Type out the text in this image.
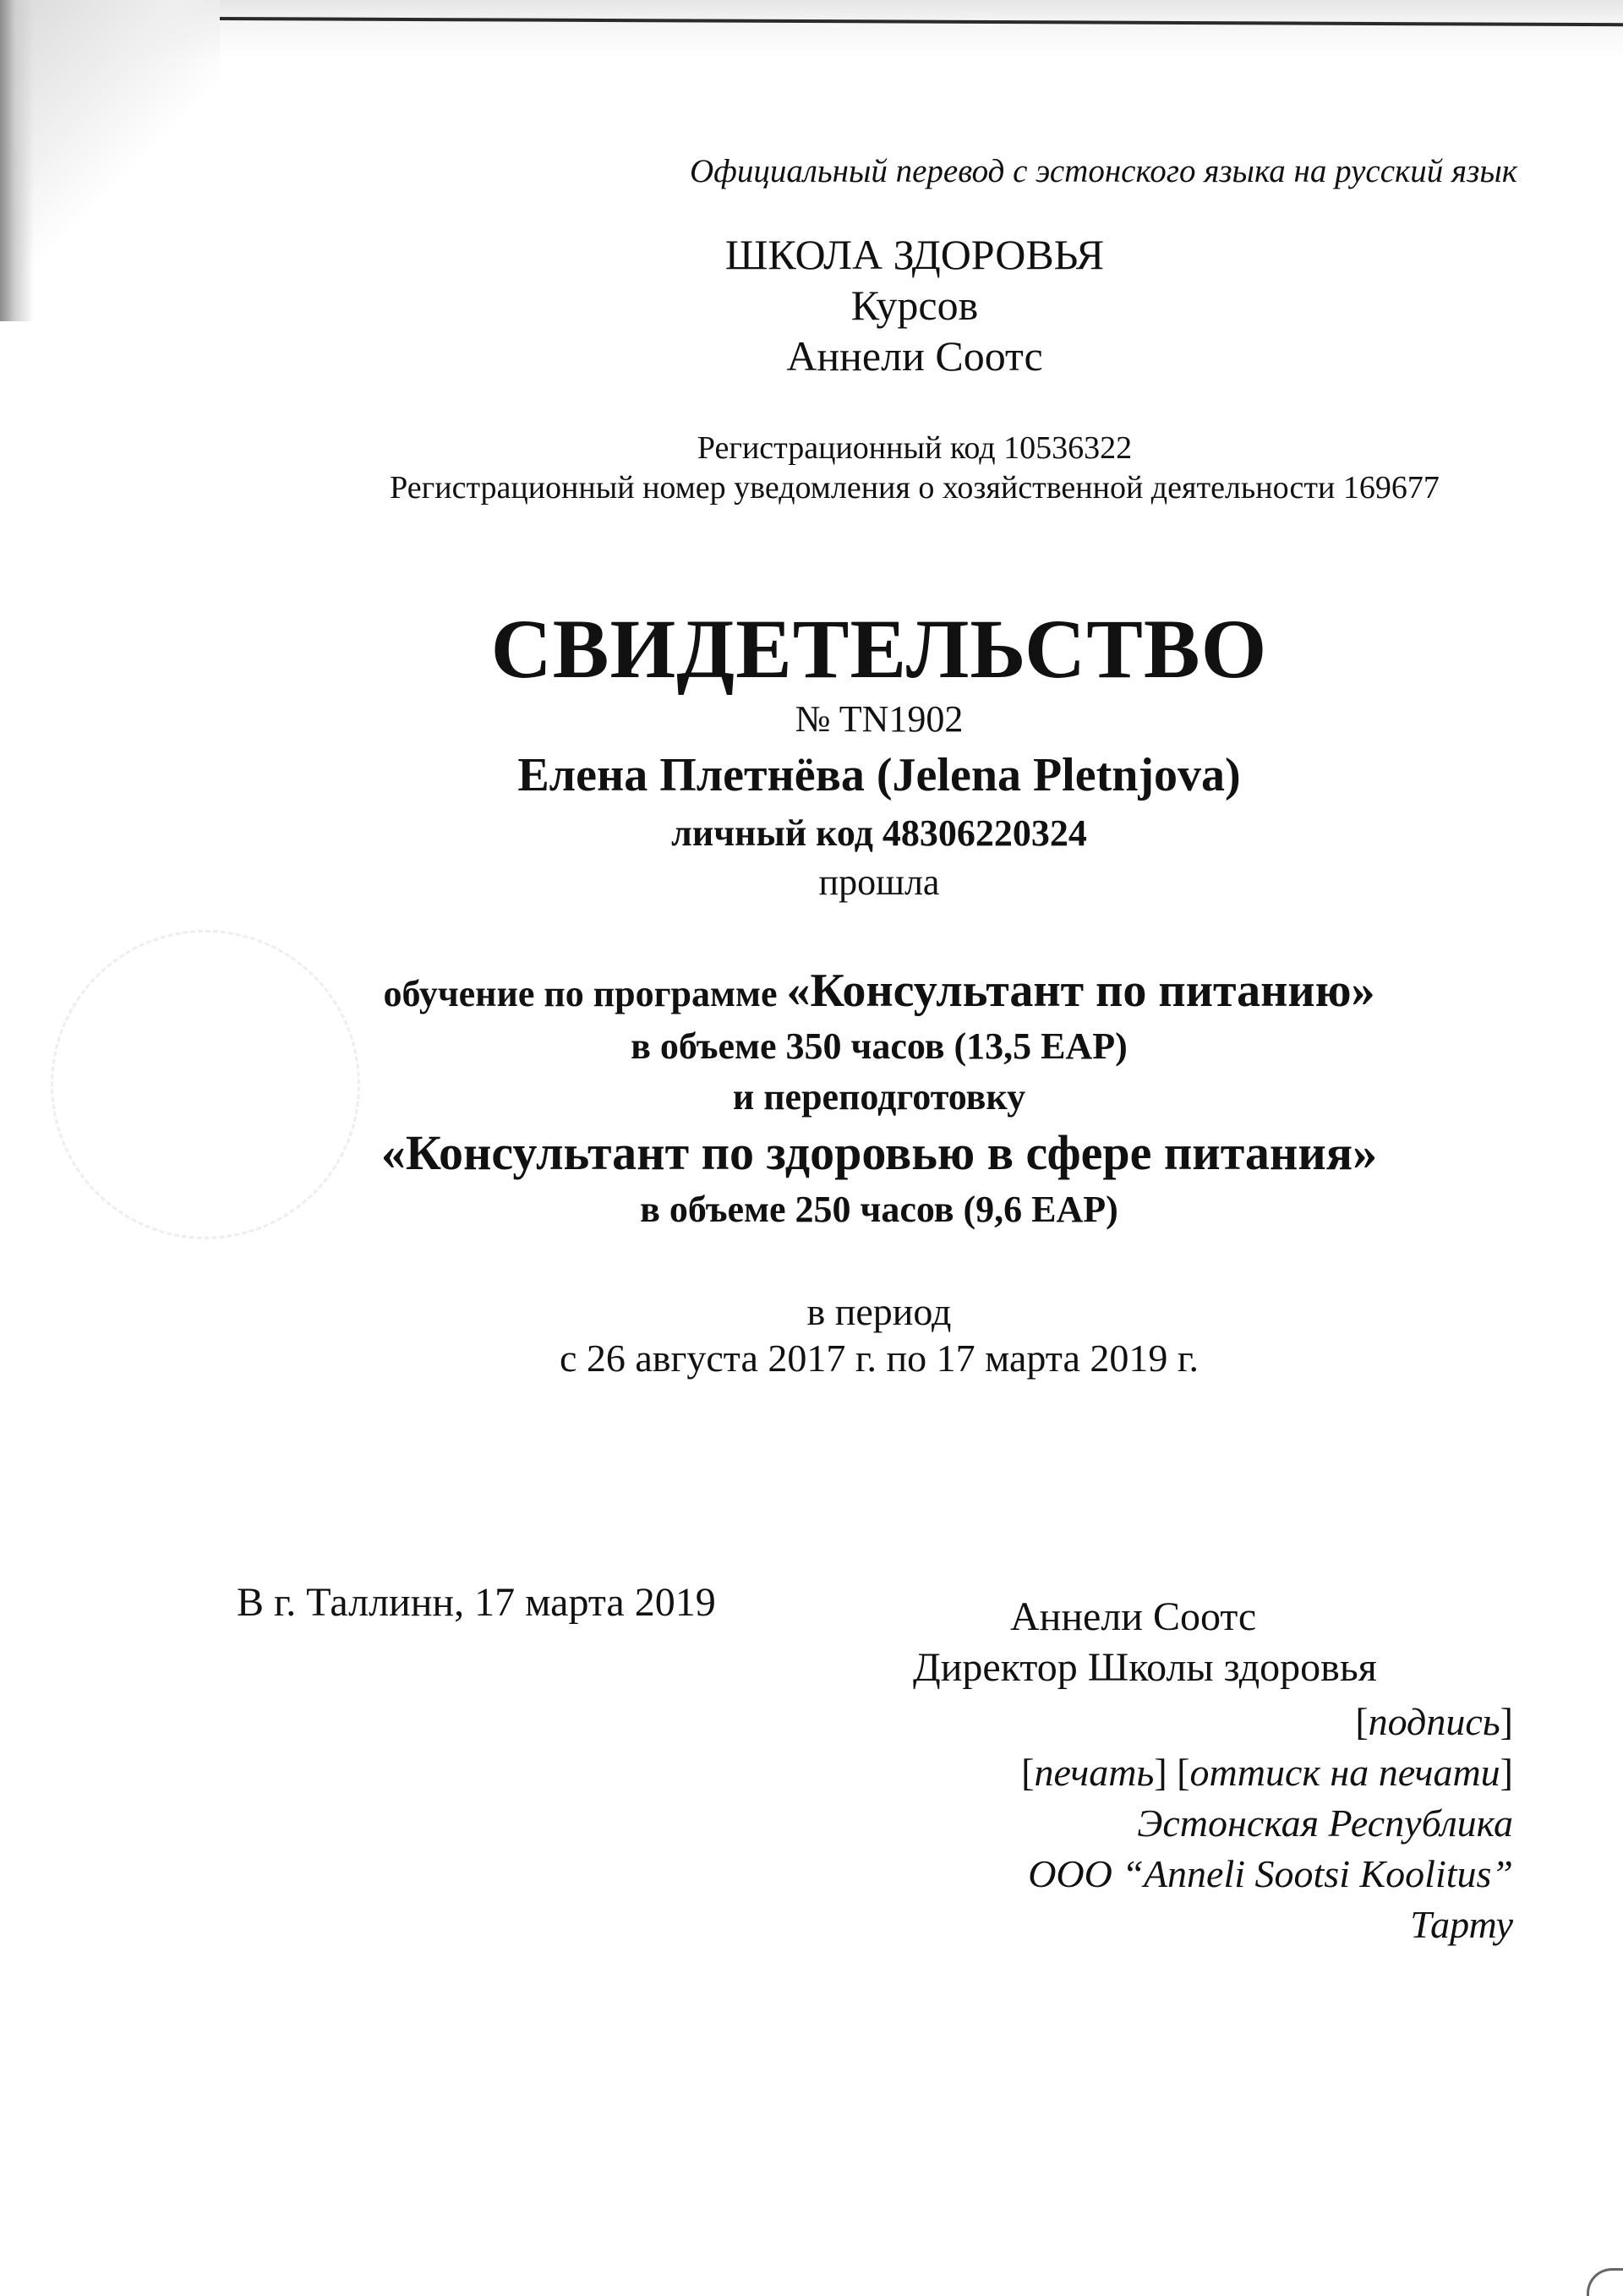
Официальный перевод с эстонского языка на русский язык
ШКОЛА ЗДОРОВЬЯ
Курсов
Аннели Соотс
Регистрационный код 10536322
Регистрационный номер уведомления о хозяйственной деятельности 169677
СВИДЕТЕЛЬСТВО
№ TN1902
Елена Плетнёва (Jelena Pletnjova)
личный код 48306220324
прошла
обучение по программе «Консультант по питанию»
в объеме 350 часов (13,5 EAP)
и переподготовку
«Консультант по здоровью в сфере питания»
в объеме 250 часов (9,6 EAP)
в период
с 26 августа 2017 г. по 17 марта 2019 г.
В г. Таллинн, 17 марта 2019	Аннели Соотс
Директор Школы здоровья
[подпись]
[печать] [оттиск на печати]
Эстонская Республика
ООО “Anneli Sootsi Koolitus”
Тарту
